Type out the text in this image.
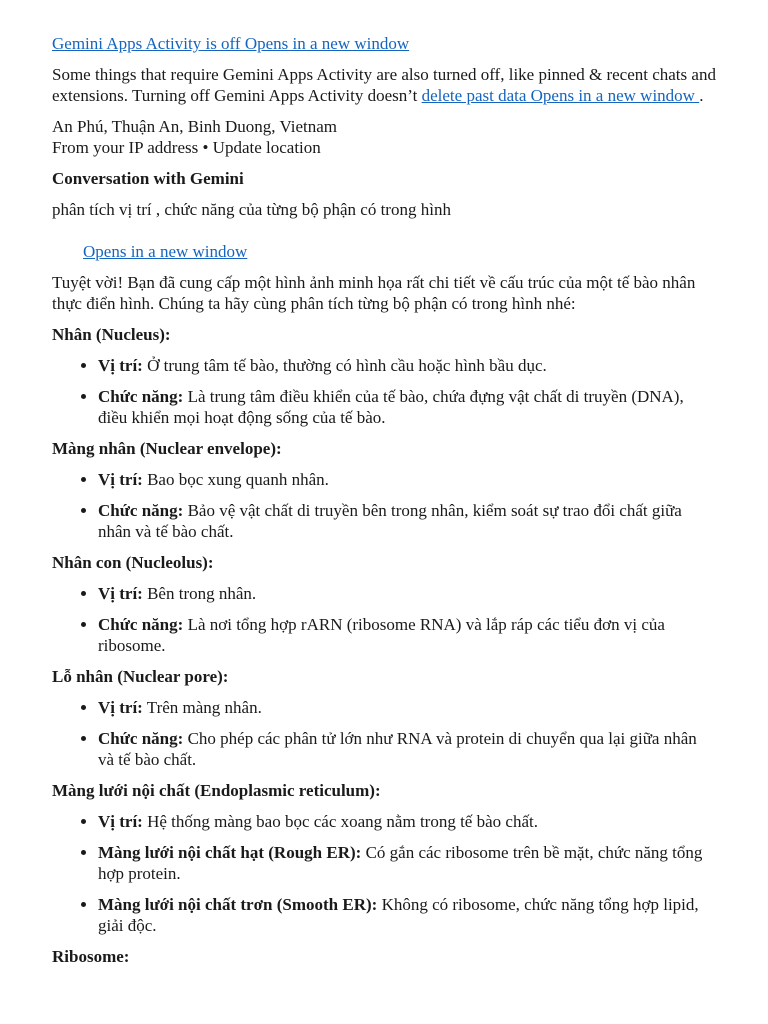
Gemini Apps Activity is off Opens in a new window

Some things that require Gemini Apps Activity are also turned off, like pinned & recent chats and extensions. Turning off Gemini Apps Activity doesn’t delete past data Opens in a new window .

An Phú, Thuận An, Binh Duong, Vietnam

From your IP address • Update location

Conversation with Gemini

phân tích vị trí , chức năng của từng bộ phận có trong hình

Opens in a new window

Tuyệt vời! Bạn đã cung cấp một hình ảnh minh họa rất chi tiết về cấu trúc của một tế bào nhân thực điển hình. Chúng ta hãy cùng phân tích từng bộ phận có trong hình nhé:

Nhân (Nucleus):

• Vị trí: Ở trung tâm tế bào, thường có hình cầu hoặc hình bầu dục.
• Chức năng: Là trung tâm điều khiển của tế bào, chứa đựng vật chất di truyền (DNA), điều khiển mọi hoạt động sống của tế bào.

Màng nhân (Nuclear envelope):

• Vị trí: Bao bọc xung quanh nhân.
• Chức năng: Bảo vệ vật chất di truyền bên trong nhân, kiểm soát sự trao đổi chất giữa nhân và tế bào chất.

Nhân con (Nucleolus):

• Vị trí: Bên trong nhân.
• Chức năng: Là nơi tổng hợp rARN (ribosome RNA) và lắp ráp các tiểu đơn vị của ribosome.

Lỗ nhân (Nuclear pore):

• Vị trí: Trên màng nhân.
• Chức năng: Cho phép các phân tử lớn như RNA và protein di chuyển qua lại giữa nhân và tế bào chất.

Màng lưới nội chất (Endoplasmic reticulum):

• Vị trí: Hệ thống màng bao bọc các xoang nằm trong tế bào chất.
• Màng lưới nội chất hạt (Rough ER): Có gắn các ribosome trên bề mặt, chức năng tổng hợp protein.
• Màng lưới nội chất trơn (Smooth ER): Không có ribosome, chức năng tổng hợp lipid, giải độc.

Ribosome:
